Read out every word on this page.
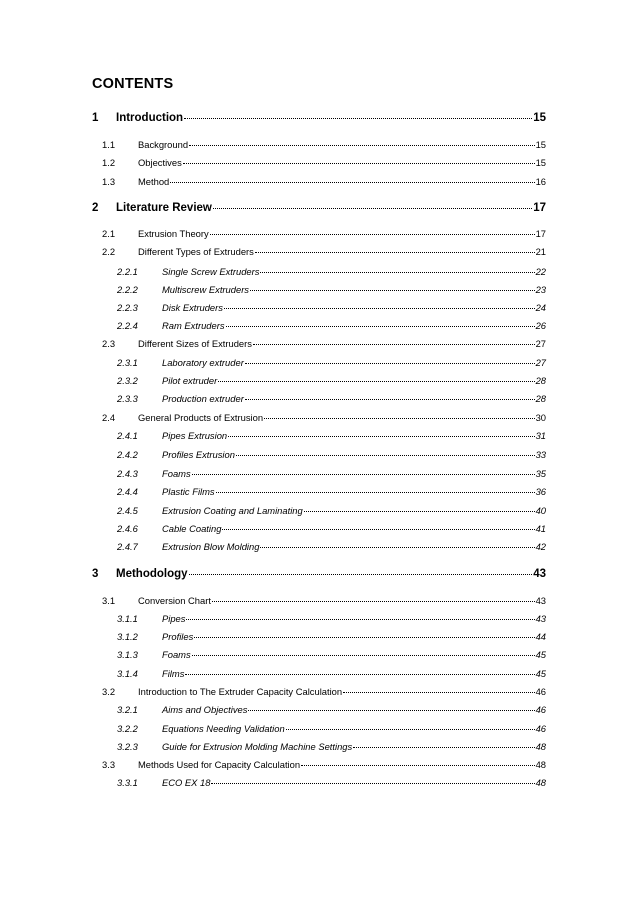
CONTENTS
1	Introduction	15
1.1	Background	15
1.2	Objectives	15
1.3	Method	16
2	Literature Review	17
2.1	Extrusion Theory	17
2.2	Different Types of Extruders	21
2.2.1	Single Screw Extruders	22
2.2.2	Multiscrew Extruders	23
2.2.3	Disk Extruders	24
2.2.4	Ram Extruders	26
2.3	Different Sizes of Extruders	27
2.3.1	Laboratory extruder	27
2.3.2	Pilot extruder	28
2.3.3	Production extruder	28
2.4	General Products of Extrusion	30
2.4.1	Pipes Extrusion	31
2.4.2	Profiles Extrusion	33
2.4.3	Foams	35
2.4.4	Plastic Films	36
2.4.5	Extrusion Coating and Laminating	40
2.4.6	Cable Coating	41
2.4.7	Extrusion Blow Molding	42
3	Methodology	43
3.1	Conversion Chart	43
3.1.1	Pipes	43
3.1.2	Profiles	44
3.1.3	Foams	45
3.1.4	Films	45
3.2	Introduction to The Extruder Capacity Calculation	46
3.2.1	Aims and Objectives	46
3.2.2	Equations Needing Validation	46
3.2.3	Guide for Extrusion Molding Machine Settings	48
3.3	Methods Used for Capacity Calculation	48
3.3.1	ECO EX 18	48
